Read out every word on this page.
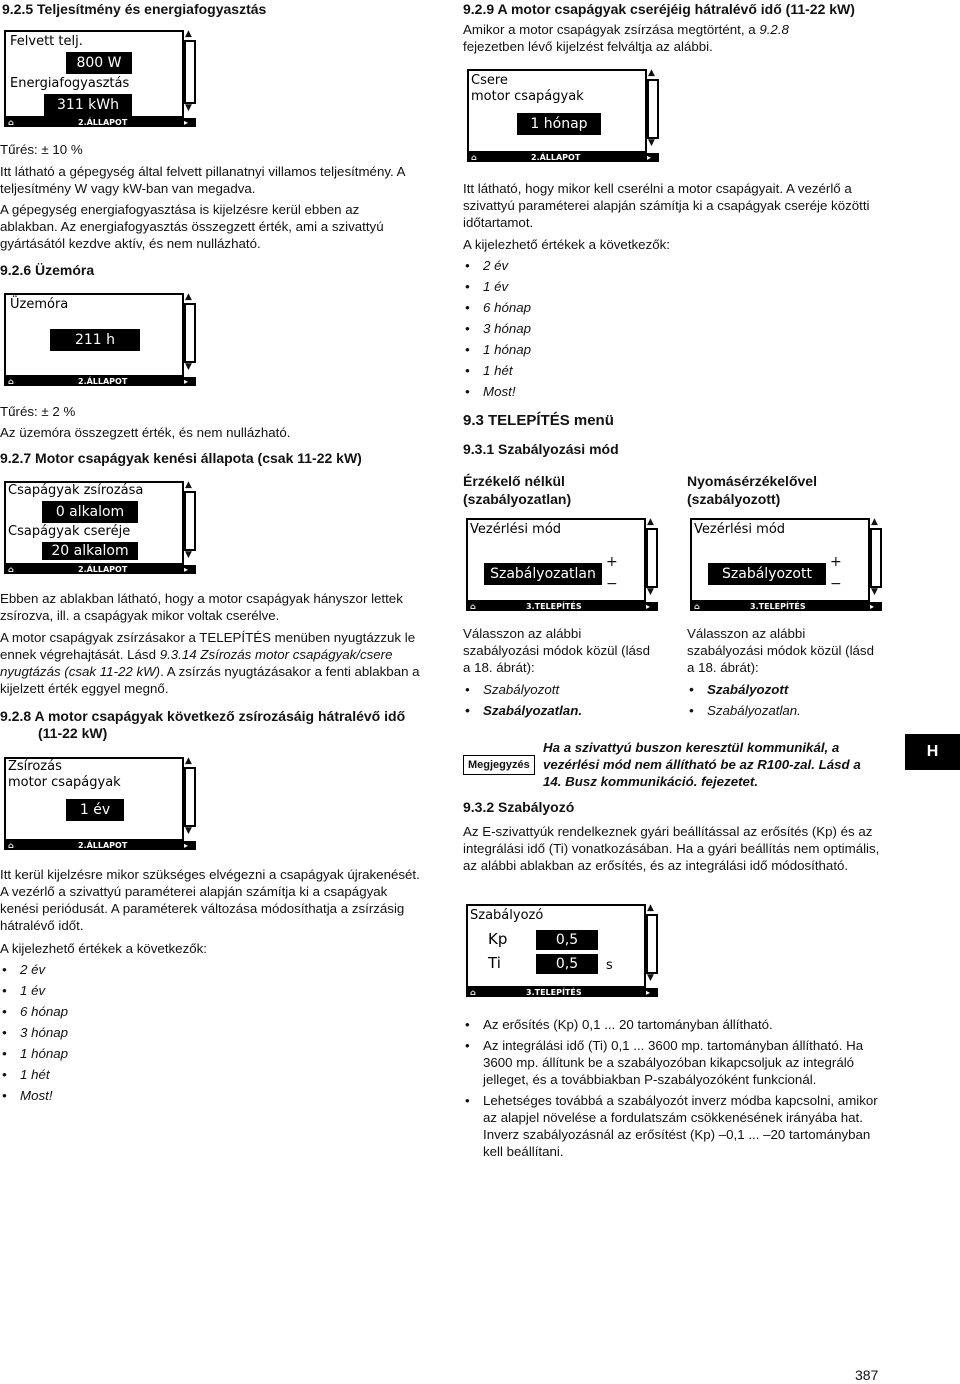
9.2.5 Teljesítmény és energiafogyasztás
Felvett telj.
800 W
Energiafogyasztás
311 kWh
▲
▼
⌂	2.ÁLLAPOT	▸
Tűrés: ± 10 %
Itt látható a gépegység által felvett pillanatnyi villamos teljesítmény. A teljesítmény W vagy kW-ban van megadva.
A gépegység energiafogyasztása is kijelzésre kerül ebben az ablakban. Az energiafogyasztás összegzett érték, ami a szivattyú gyártásától kezdve aktív, és nem nullázható.
9.2.6 Üzemóra
Üzemóra
211 h
▲
▼
⌂	2.ÁLLAPOT	▸
Tűrés: ± 2 %
Az üzemóra összegzett érték, és nem nullázható.
9.2.7 Motor csapágyak kenési állapota (csak 11-22 kW)
Csapágyak zsírozása
0 alkalom
Csapágyak cseréje
20 alkalom
▲
▼
⌂	2.ÁLLAPOT	▸
Ebben az ablakban látható, hogy a motor csapágyak hányszor lettek zsírozva, ill. a csapágyak mikor voltak cserélve.
A motor csapágyak zsírzásakor a TELEPÍTÉS menüben nyugtázzuk le ennek végrehajtását. Lásd 9.3.14 Zsírozás motor csapágyak/csere nyugtázás (csak 11-22 kW). A zsírzás nyugtázásakor a fenti ablakban a kijelzett érték eggyel megnő.
9.2.8 A motor csapágyak következő zsírozásáig hátralévő idő
(11-22 kW)
Zsírozás
motor csapágyak
1 év
▲
▼
⌂	2.ÁLLAPOT	▸
Itt kerül kijelzésre mikor szükséges elvégezni a csapágyak újrakenését. A vezérlő a szivattyú paraméterei alapján számítja ki a csapágyak kenési periódusát. A paraméterek változása módosíthatja a zsírzásig hátralévő időt.
A kijelezhető értékek a következők:
• 2 év
• 1 év
• 6 hónap
• 3 hónap
• 1 hónap
• 1 hét
• Most!
9.2.9 A motor csapágyak cseréjéig hátralévő idő (11-22 kW)
Amikor a motor csapágyak zsírzása megtörtént, a 9.2.8 fejezetben lévő kijelzést felváltja az alábbi.
Csere
motor csapágyak
1 hónap
▲
▼
⌂	2.ÁLLAPOT	▸
Itt látható, hogy mikor kell cserélni a motor csapágyait. A vezérlő a szivattyú paraméterei alapján számítja ki a csapágyak cseréje közötti időtartamot.
A kijelezhető értékek a következők:
• 2 év
• 1 év
• 6 hónap
• 3 hónap
• 1 hónap
• 1 hét
• Most!
9.3 TELEPÍTÉS menü
9.3.1 Szabályozási mód
Érzékelő nélkül
(szabályozatlan)
Nyomásérzékelővel
(szabályozott)
Vezérlési mód
Szabályozatlan
+
−
▲
▼
⌂	3.TELEPÍTÉS	▸
Vezérlési mód
Szabályozott
+
−
▲
▼
⌂	3.TELEPÍTÉS	▸
Válasszon az alábbi szabályozási módok közül (lásd a 18. ábrát):
• Szabályozott
• Szabályozatlan.
Válasszon az alábbi szabályozási módok közül (lásd a 18. ábrát):
• Szabályozott
• Szabályozatlan.
Megjegyzés
Ha a szivattyú buszon keresztül kommunikál, a vezérlési mód nem állítható be az R100-zal. Lásd a 14. Busz kommunikáció. fejezetet.
9.3.2 Szabályozó
Az E-szivattyúk rendelkeznek gyári beállítással az erősítés (Kp) és az integrálási idő (Ti) vonatkozásában. Ha a gyári beállítás nem optimális, az alábbi ablakban az erősítés, és az integrálási idő módosítható.
Szabályozó
Kp	0,5
Ti	0,5	s
▲
▼
⌂	3.TELEPÍTÉS	▸
• Az erősítés (Kp) 0,1 ... 20 tartományban állítható.
• Az integrálási idő (Ti) 0,1 ... 3600 mp. tartományban állítható. Ha 3600 mp. állítunk be a szabályozóban kikapcsoljuk az integráló jelleget, és a továbbiakban P-szabályozóként funkcionál.
• Lehetséges továbbá a szabályozót inverz módba kapcsolni, amikor az alapjel növelése a fordulatszám csökkenésének irányába hat. Inverz szabályozásnál az erősítést (Kp) –0,1 ... –20 tartományban kell beállítani.
H
387
